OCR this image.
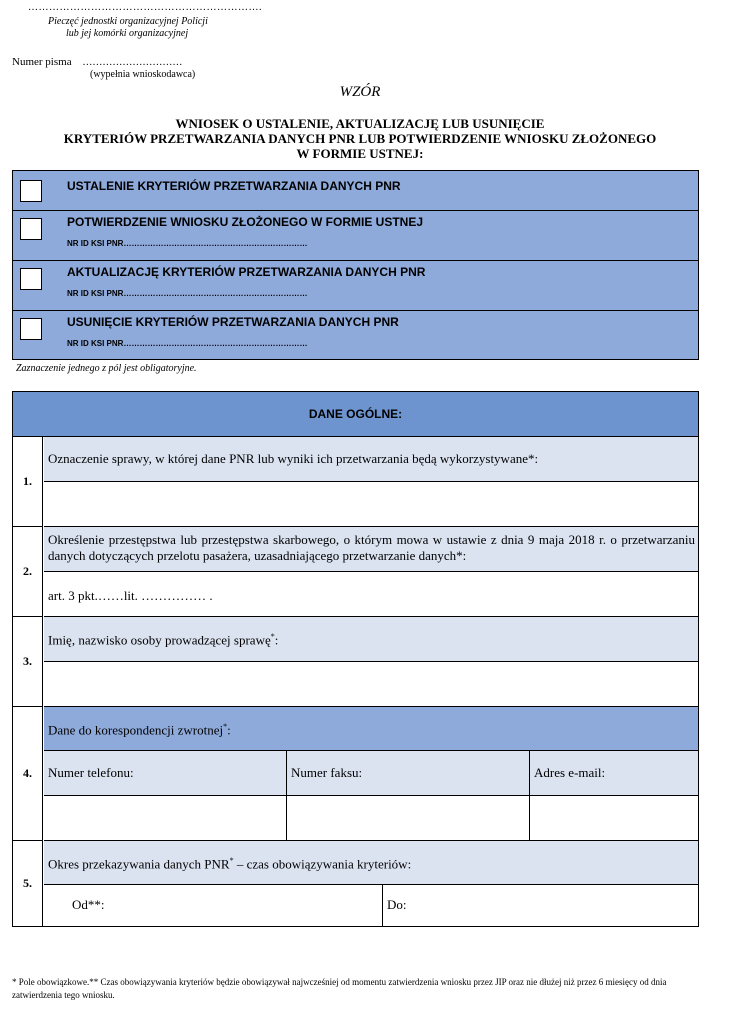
………………………………………………………….
Pieczęć jednostki organizacyjnej Policji
lub jej komórki organizacyjnej
Numer pisma …………………………
(wypełnia wnioskodawca)
WZÓR
WNIOSEK O USTALENIE, AKTUALIZACJĘ LUB USUNIĘCIE
KRYTERIÓW PRZETWARZANIA DANYCH PNR LUB POTWIERDZENIE WNIOSKU ZŁOŻONEGO
W FORMIE USTNEJ:
USTALENIE KRYTERIÓW PRZETWARZANIA DANYCH PNR
POTWIERDZENIE WNIOSKU ZŁOŻONEGO W FORMIE USTNEJ
NR ID KSI PNR……………………………………………………………
AKTUALIZACJĘ KRYTERIÓW PRZETWARZANIA DANYCH PNR
NR ID KSI PNR……………………………………………………………
USUNIĘCIE KRYTERIÓW PRZETWARZANIA DANYCH PNR
NR ID KSI PNR……………………………………………………………
Zaznaczenie jednego z pól jest obligatoryjne.
DANE OGÓLNE:
1.
Oznaczenie sprawy, w której dane PNR lub wyniki ich przetwarzania będą wykorzystywane*:
2.
Określenie przestępstwa lub przestępstwa skarbowego, o którym mowa w ustawie z dnia 9 maja 2018 r. o przetwarzaniu danych dotyczących przelotu pasażera, uzasadniającego przetwarzanie danych*:
art. 3 pkt.……lit. …………… .
3.
Imię, nazwisko osoby prowadzącej sprawę*:
4.
Dane do korespondencji zwrotnej*:
Numer telefonu:	Numer faksu:	Adres e-mail:
5.
Okres przekazywania danych PNR* – czas obowiązywania kryteriów:
Od**:	Do:
* Pole obowiązkowe.** Czas obowiązywania kryteriów będzie obowiązywał najwcześniej od momentu zatwierdzenia wniosku przez JIP oraz nie dłużej niż przez 6 miesięcy od dnia zatwierdzenia tego wniosku.
